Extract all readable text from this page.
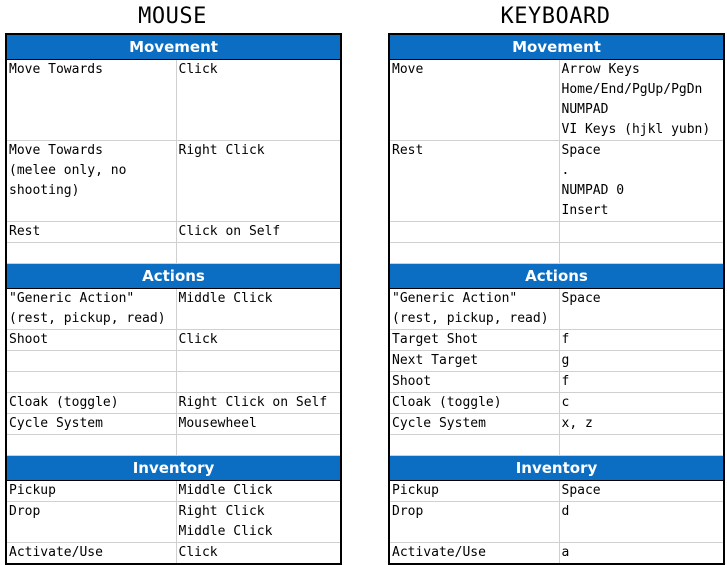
MOUSE
Movement	
Move Towards	Click
Move Towards
(melee only, no
shooting)	Right Click
Rest	Click on Self

Actions	
"Generic Action"
(rest, pickup, read)	Middle Click
Shoot	Click

Cloak (toggle)	Right Click on Self
Cycle System	Mousewheel

Inventory	
Pickup	Middle Click
Drop	Right Click
Middle Click
Activate/Use	Click
KEYBOARD
Movement	
Move	Arrow Keys
Home/End/PgUp/PgDn
NUMPAD
VI Keys (hjkl yubn)
Rest	Space
.
NUMPAD 0
Insert

Actions	
"Generic Action"
(rest, pickup, read)	Space
Target Shot	f
Next Target	g
Shoot	f
Cloak (toggle)	c
Cycle System	x, z

Inventory	
Pickup	Space
Drop	d
Activate/Use	a
